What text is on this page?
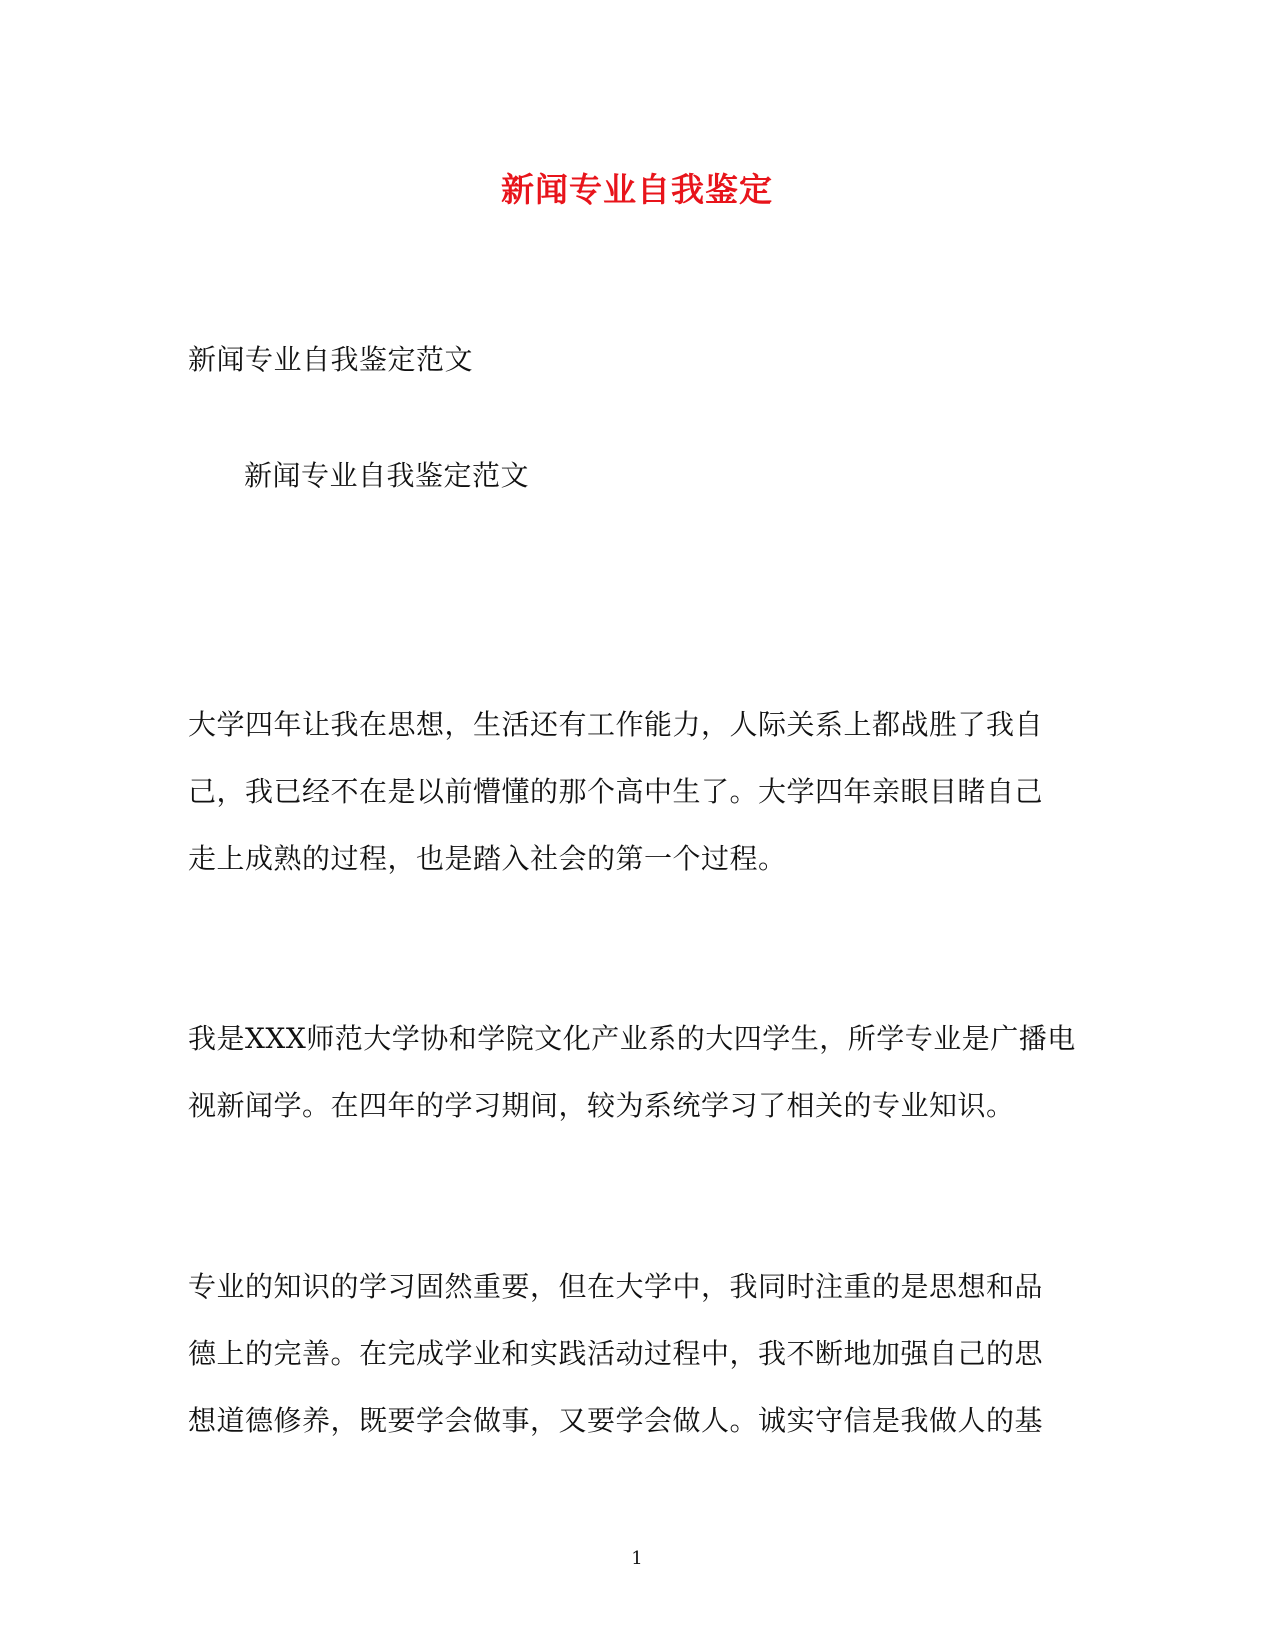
新闻专业自我鉴定
新闻专业自我鉴定范文
新闻专业自我鉴定范文
大学四年让我在思想，生活还有工作能力，人际关系上都战胜了我自
己，我已经不在是以前懵懂的那个高中生了。大学四年亲眼目睹自己
走上成熟的过程，也是踏入社会的第一个过程。
我是XXX师范大学协和学院文化产业系的大四学生，所学专业是广播电
视新闻学。在四年的学习期间，较为系统学习了相关的专业知识。
专业的知识的学习固然重要，但在大学中，我同时注重的是思想和品
德上的完善。在完成学业和实践活动过程中，我不断地加强自己的思
想道德修养，既要学会做事，又要学会做人。诚实守信是我做人的基
1
